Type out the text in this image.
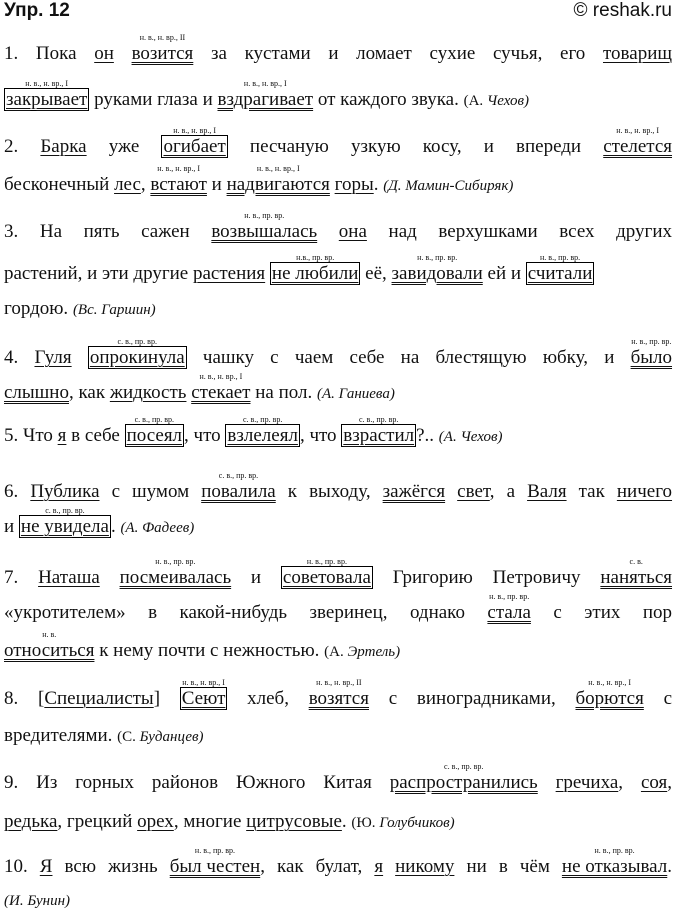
Упр. 12	© reshak.ru
1. Пока он
н. в., н. вр., II
возится за кустами и ломает сухие сучья, его товарищ
н. в., н. вр., I
закрывает руками глаза и
н. в., н. вр., I
вздрагивает от каждого звука. (А. Чехов)
2. Барка уже
н. в., н. вр., I
огибает песчаную узкую косу, и впереди
н. в., н. вр., I
стелется
бесконечный лес,
н. в., н. вр., I
встают и
н. в., н. вр., I
надвигаются горы. (Д. Мамин-Сибиряк)
3. На пять сажен
н. в., пр. вр.
возвышалась она над верхушками всех других
растений, и эти другие растения
н.в., пр. вр.
не любили её,
н. в., пр. вр.
завидовали ей и
н. в., пр. вр.
считали
гордою. (Вс. Гаршин)
4. Гуля
с. в., пр. вр.
опрокинула чашку с чаем себе на блестящую юбку, и
н. в., пр. вр.
было
слышно, как жидкость
н. в., н. вр., I
стекает на пол. (А. Ганиева)
5. Что я в себе
с. в., пр. вр.
посеял , что
с. в., пр. вр.
взлелеял , что
с. в., пр. вр.
взрастил ?.. (А. Чехов)
6. Публика с шумом
с. в., пр. вр.
повалила к выходу, зажёгся свет, а Валя так ничего
и
с. в., пр. вр.
не увидела . (А. Фадеев)
7. Наташа
н. в., пр. вр.
посмеивалась и
н. в., пр. вр.
советовала Григорию Петровичу
с. в.
наняться
«укротителем» в какой-нибудь зверинец, однако
н. в., пр. вр.
стала с этих пор
н. в.
относиться к нему почти с нежностью. (А. Эртель)
8. [Специалисты]
н. в., н. вр., I
Сеют хлеб,
н. в., н. вр., II
возятся с виноградниками,
н. в., н. вр., I
борются с
вредителями. (С. Буданцев)
9. Из горных районов Южного Китая
с. в., пр. вр.
распространились гречиха, соя,
редька, грецкий орех, многие цитрусовые. (Ю. Голубчиков)
10. Я всю жизнь
н. в., пр. вр.
был честен, как булат, я никому ни в чём
н. в., пр. вр.
не отказывал.
(И. Бунин)
